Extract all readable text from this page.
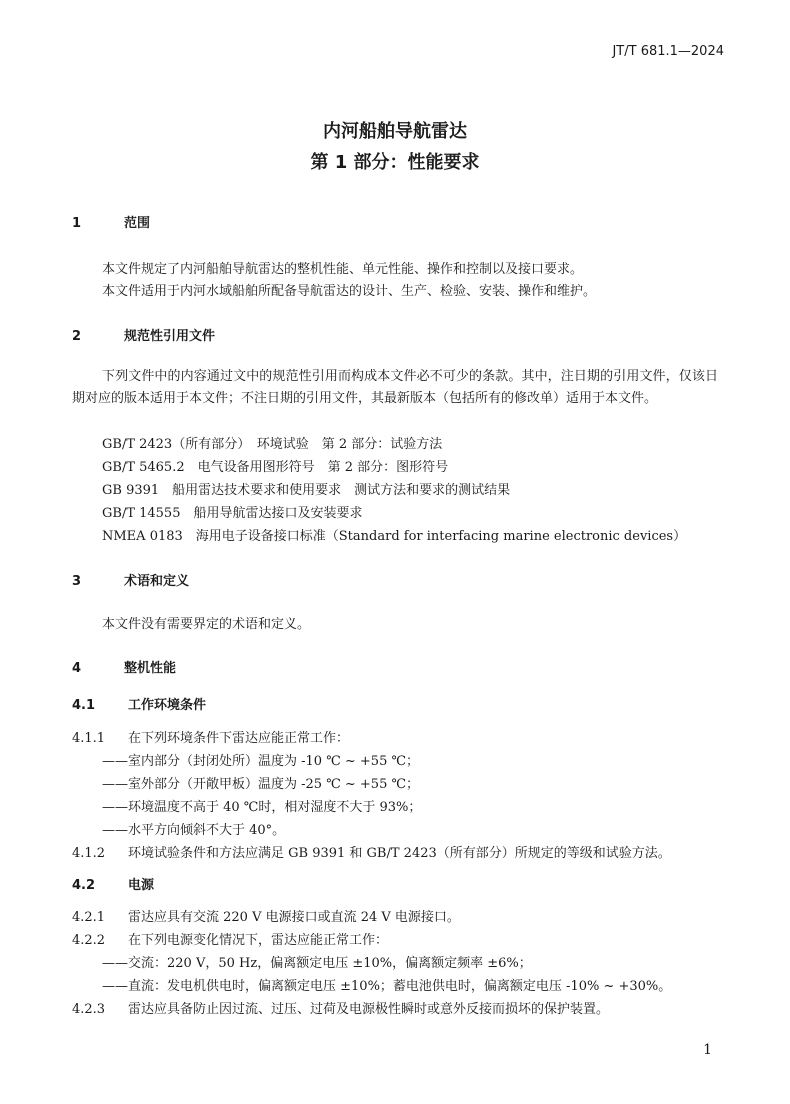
JT/T 681.1—2024
内河船舶导航雷达
第 1 部分：性能要求
1	范围
本文件规定了内河船舶导航雷达的整机性能、单元性能、操作和控制以及接口要求。
本文件适用于内河水域船舶所配备导航雷达的设计、生产、检验、安装、操作和维护。
2	规范性引用文件
下列文件中的内容通过文中的规范性引用而构成本文件必不可少的条款。其中，注日期的引用文件，仅该日期对应的版本适用于本文件；不注日期的引用文件，其最新版本（包括所有的修改单）适用于本文件。
GB/T 2423（所有部分）　环境试验　第 2 部分：试验方法
GB/T 5465.2　电气设备用图形符号　第 2 部分：图形符号
GB 9391　船用雷达技术要求和使用要求　测试方法和要求的测试结果
GB/T 14555　船用导航雷达接口及安装要求
NMEA 0183　海用电子设备接口标准（Standard for interfacing marine electronic devices）
3	术语和定义
本文件没有需要界定的术语和定义。
4	整机性能
4.1	工作环境条件
4.1.1 在下列环境条件下雷达应能正常工作：
——室内部分（封闭处所）温度为 -10 ℃ ~ +55 ℃；
——室外部分（开敞甲板）温度为 -25 ℃ ~ +55 ℃；
——环境温度不高于 40 ℃时，相对湿度不大于 93%；
——水平方向倾斜不大于 40°。
4.1.2 环境试验条件和方法应满足 GB 9391 和 GB/T 2423（所有部分）所规定的等级和试验方法。
4.2	电源
4.2.1 雷达应具有交流 220 V 电源接口或直流 24 V 电源接口。
4.2.2 在下列电源变化情况下，雷达应能正常工作：
——交流：220 V，50 Hz，偏离额定电压 ±10%，偏离额定频率 ±6%；
——直流：发电机供电时，偏离额定电压 ±10%；蓄电池供电时，偏离额定电压 -10% ~ +30%。
4.2.3 雷达应具备防止因过流、过压、过荷及电源极性瞬时或意外反接而损坏的保护装置。
1
